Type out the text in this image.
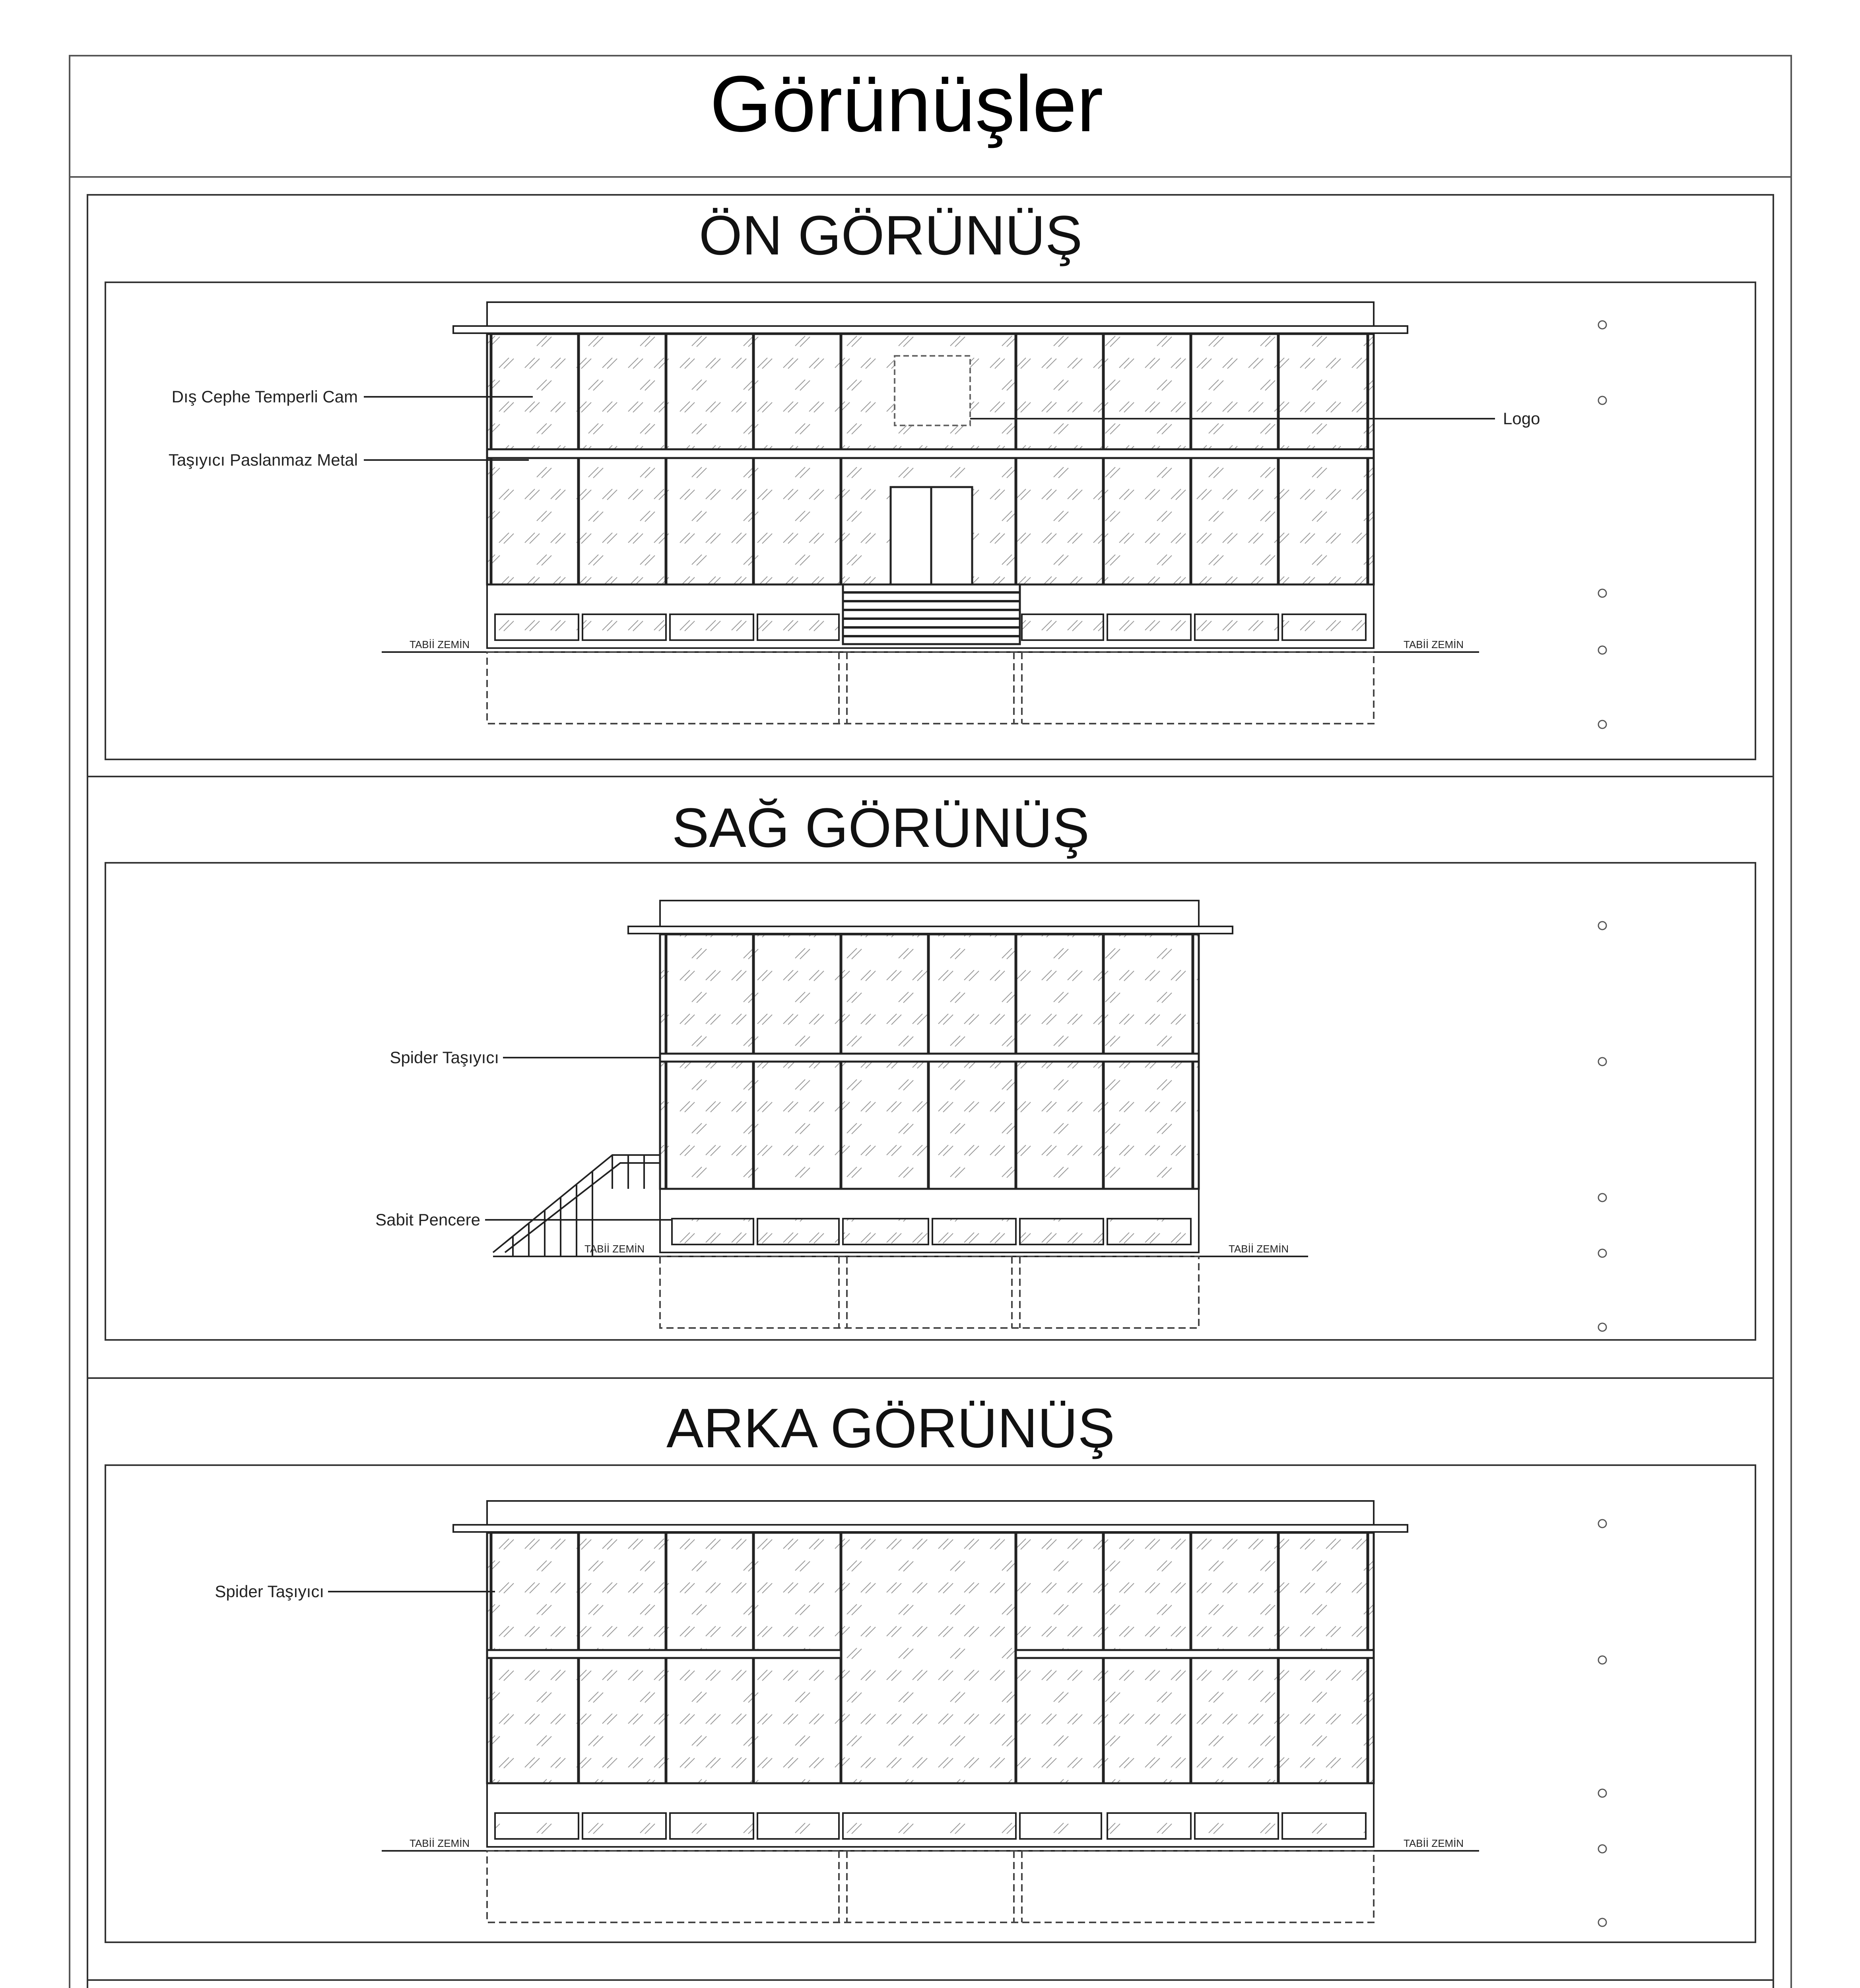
Görünüşler
ÖN GÖRÜNÜŞ
TABİİ ZEMİN	TABİİ ZEMİN
Dış Cephe Temperli Cam
Taşıyıcı Paslanmaz Metal
Logo
SAĞ GÖRÜNÜŞ
TABİİ ZEMİN	TABİİ ZEMİN
Spider Taşıyıcı
Sabit Pencere
ARKA GÖRÜNÜŞ
TABİİ ZEMİN	TABİİ ZEMİN
Spider Taşıyıcı
